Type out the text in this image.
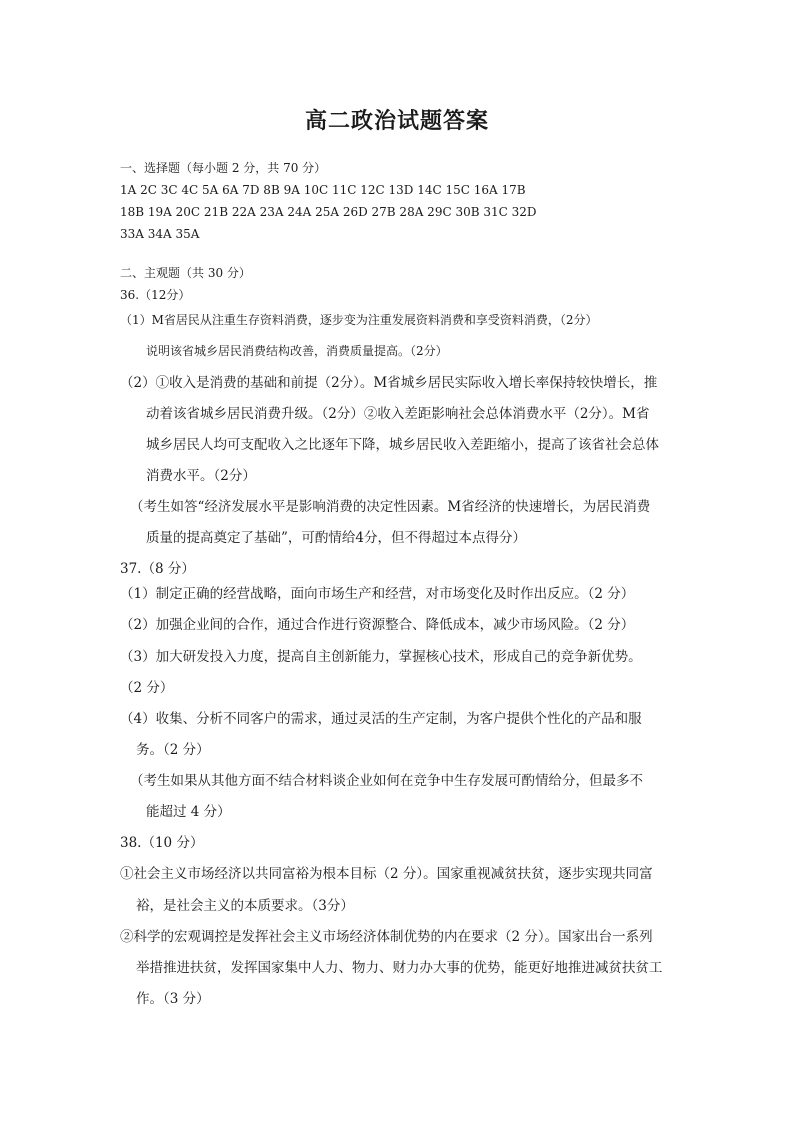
高二政治试题答案
一、选择题（每小题 2 分，共 70 分）
1A 2C 3C 4C 5A 6A 7D 8B 9A 10C 11C 12C 13D 14C 15C 16A 17B
18B 19A 20C 21B 22A 23A 24A 25A 26D 27B 28A 29C 30B 31C 32D
33A 34A 35A
二、主观题（共 30 分）
36.（12分）
（1）M省居民从注重生存资料消费，逐步变为注重发展资料消费和享受资料消费，（2分）
说明该省城乡居民消费结构改善，消费质量提高。（2分）
（2）①收入是消费的基础和前提（2分）。M省城乡居民实际收入增长率保持较快增长，推
动着该省城乡居民消费升级。（2分）②收入差距影响社会总体消费水平（2分）。M省
城乡居民人均可支配收入之比逐年下降，城乡居民收入差距缩小，提高了该省社会总体
消费水平。（2分）
（考生如答“经济发展水平是影响消费的决定性因素。M省经济的快速增长，为居民消费
质量的提高奠定了基础”，可酌情给4分，但不得超过本点得分）
37.（8 分）
（1）制定正确的经营战略，面向市场生产和经营，对市场变化及时作出反应。（2 分）
（2）加强企业间的合作，通过合作进行资源整合、降低成本，减少市场风险。（2 分）
（3）加大研发投入力度，提高自主创新能力，掌握核心技术，形成自己的竞争新优势。
（2 分）
（4）收集、分析不同客户的需求，通过灵活的生产定制，为客户提供个性化的产品和服
务。（2 分）
（考生如果从其他方面不结合材料谈企业如何在竞争中生存发展可酌情给分，但最多不
能超过 4 分）
38.（10 分）
①社会主义市场经济以共同富裕为根本目标（2 分）。国家重视减贫扶贫，逐步实现共同富
裕，是社会主义的本质要求。（3分）
②科学的宏观调控是发挥社会主义市场经济体制优势的内在要求（2 分）。国家出台一系列
举措推进扶贫，发挥国家集中人力、物力、财力办大事的优势，能更好地推进减贫扶贫工
作。（3 分）
